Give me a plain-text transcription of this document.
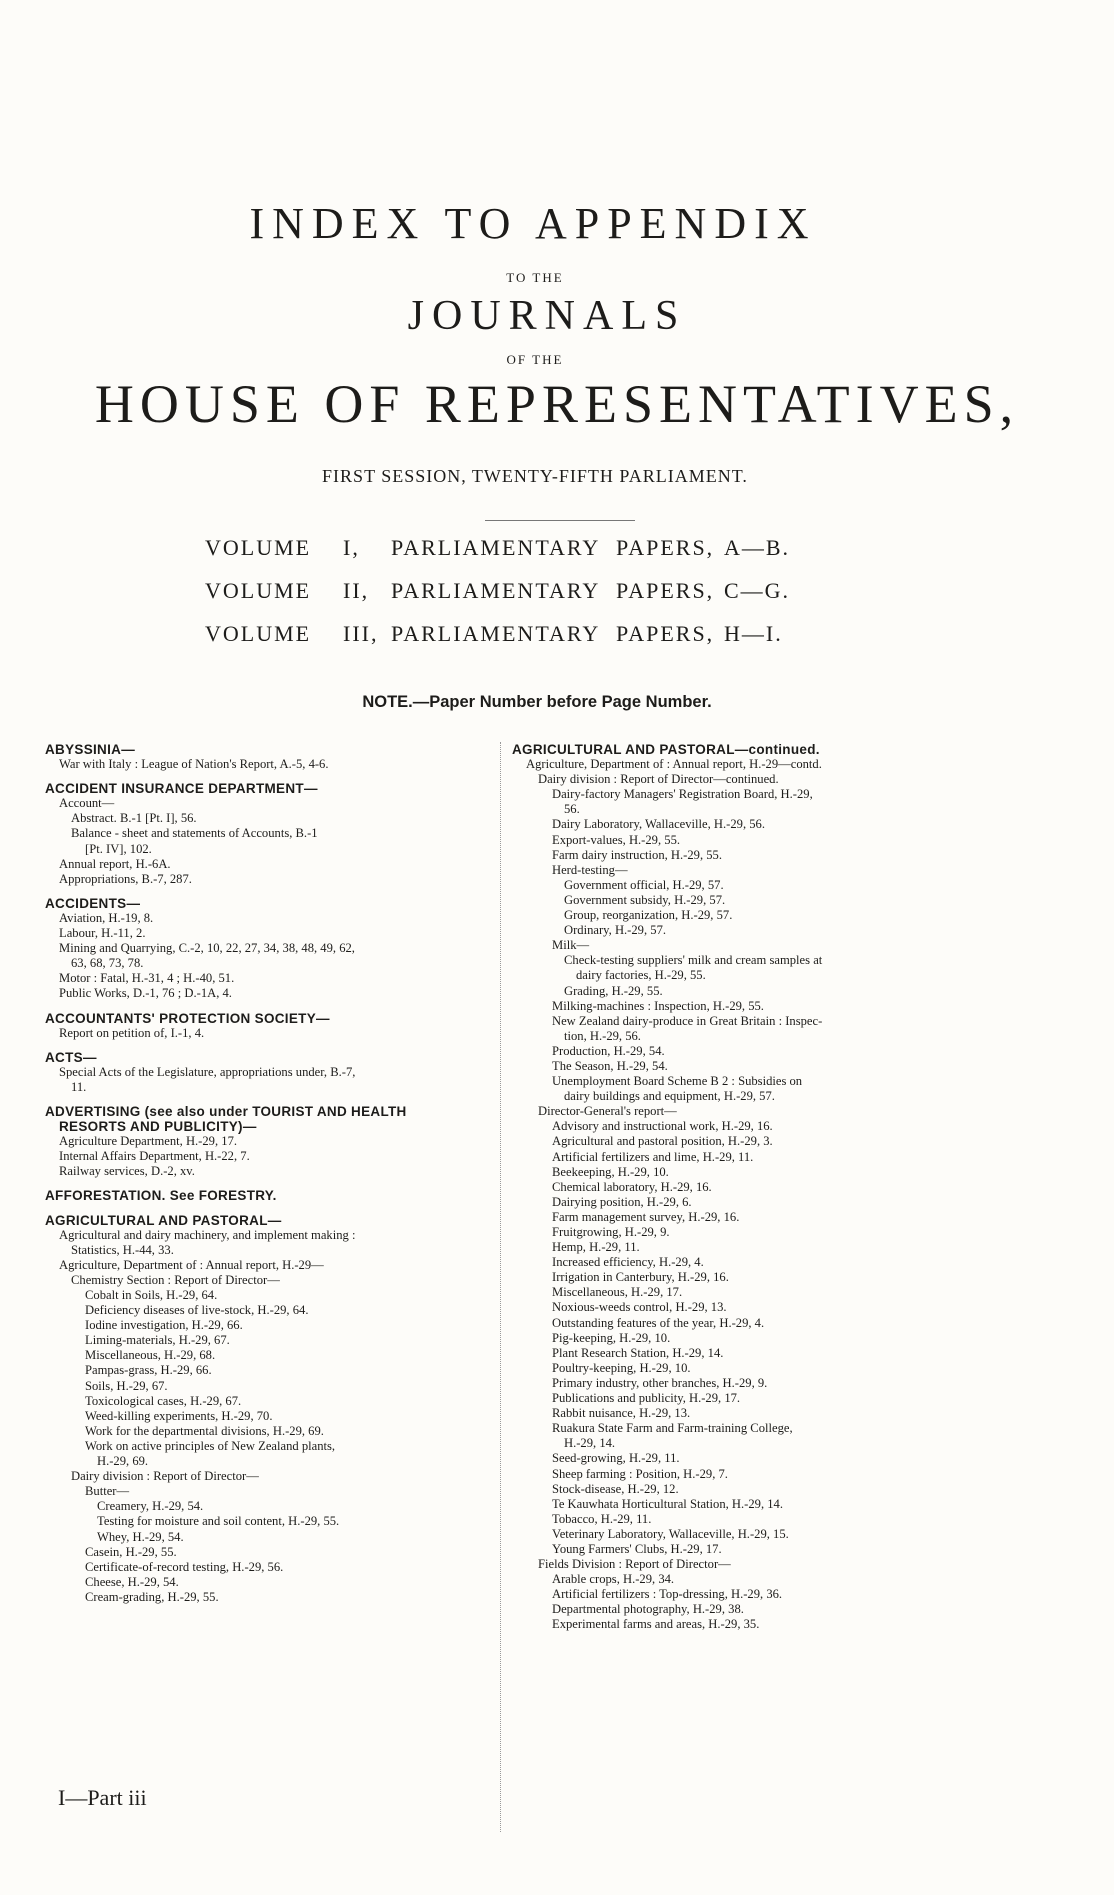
INDEX TO APPENDIX
TO THE
JOURNALS
OF THE
HOUSE OF REPRESENTATIVES,
FIRST SESSION, TWENTY-FIFTH PARLIAMENT.
VOLUME I, PARLIAMENTARY PAPERS, A—B.
VOLUME II, PARLIAMENTARY PAPERS, C—G.
VOLUME III, PARLIAMENTARY PAPERS, H—I.
NOTE.—Paper Number before Page Number.
ABYSSINIA—
War with Italy : League of Nation's Report, A.-5, 4-6.
ACCIDENT INSURANCE DEPARTMENT—
Account—
Abstract. B.-1 [Pt. I], 56.
Balance - sheet and statements of Accounts, B.-1
[Pt. IV], 102.
Annual report, H.-6A.
Appropriations, B.-7, 287.
ACCIDENTS—
Aviation, H.-19, 8.
Labour, H.-11, 2.
Mining and Quarrying, C.-2, 10, 22, 27, 34, 38, 48, 49, 62,
63, 68, 73, 78.
Motor : Fatal, H.-31, 4 ; H.-40, 51.
Public Works, D.-1, 76 ; D.-1A, 4.
ACCOUNTANTS' PROTECTION SOCIETY—
Report on petition of, I.-1, 4.
ACTS—
Special Acts of the Legislature, appropriations under, B.-7,
11.
ADVERTISING (see also under TOURIST AND HEALTH
RESORTS AND PUBLICITY)—
Agriculture Department, H.-29, 17.
Internal Affairs Department, H.-22, 7.
Railway services, D.-2, xv.
AFFORESTATION. See FORESTRY.
AGRICULTURAL AND PASTORAL—
Agricultural and dairy machinery, and implement making :
Statistics, H.-44, 33.
Agriculture, Department of : Annual report, H.-29—
Chemistry Section : Report of Director—
Cobalt in Soils, H.-29, 64.
Deficiency diseases of live-stock, H.-29, 64.
Iodine investigation, H.-29, 66.
Liming-materials, H.-29, 67.
Miscellaneous, H.-29, 68.
Pampas-grass, H.-29, 66.
Soils, H.-29, 67.
Toxicological cases, H.-29, 67.
Weed-killing experiments, H.-29, 70.
Work for the departmental divisions, H.-29, 69.
Work on active principles of New Zealand plants,
H.-29, 69.
Dairy division : Report of Director—
Butter—
Creamery, H.-29, 54.
Testing for moisture and soil content, H.-29, 55.
Whey, H.-29, 54.
Casein, H.-29, 55.
Certificate-of-record testing, H.-29, 56.
Cheese, H.-29, 54.
Cream-grading, H.-29, 55.
AGRICULTURAL AND PASTORAL—continued.
Agriculture, Department of : Annual report, H.-29—contd.
Dairy division : Report of Director—continued.
Dairy-factory Managers' Registration Board, H.-29,
56.
Dairy Laboratory, Wallaceville, H.-29, 56.
Export-values, H.-29, 55.
Farm dairy instruction, H.-29, 55.
Herd-testing—
Government official, H.-29, 57.
Government subsidy, H.-29, 57.
Group, reorganization, H.-29, 57.
Ordinary, H.-29, 57.
Milk—
Check-testing suppliers' milk and cream samples at
dairy factories, H.-29, 55.
Grading, H.-29, 55.
Milking-machines : Inspection, H.-29, 55.
New Zealand dairy-produce in Great Britain : Inspec-
tion, H.-29, 56.
Production, H.-29, 54.
The Season, H.-29, 54.
Unemployment Board Scheme B 2 : Subsidies on
dairy buildings and equipment, H.-29, 57.
Director-General's report—
Advisory and instructional work, H.-29, 16.
Agricultural and pastoral position, H.-29, 3.
Artificial fertilizers and lime, H.-29, 11.
Beekeeping, H.-29, 10.
Chemical laboratory, H.-29, 16.
Dairying position, H.-29, 6.
Farm management survey, H.-29, 16.
Fruitgrowing, H.-29, 9.
Hemp, H.-29, 11.
Increased efficiency, H.-29, 4.
Irrigation in Canterbury, H.-29, 16.
Miscellaneous, H.-29, 17.
Noxious-weeds control, H.-29, 13.
Outstanding features of the year, H.-29, 4.
Pig-keeping, H.-29, 10.
Plant Research Station, H.-29, 14.
Poultry-keeping, H.-29, 10.
Primary industry, other branches, H.-29, 9.
Publications and publicity, H.-29, 17.
Rabbit nuisance, H.-29, 13.
Ruakura State Farm and Farm-training College,
H.-29, 14.
Seed-growing, H.-29, 11.
Sheep farming : Position, H.-29, 7.
Stock-disease, H.-29, 12.
Te Kauwhata Horticultural Station, H.-29, 14.
Tobacco, H.-29, 11.
Veterinary Laboratory, Wallaceville, H.-29, 15.
Young Farmers' Clubs, H.-29, 17.
Fields Division : Report of Director—
Arable crops, H.-29, 34.
Artificial fertilizers : Top-dressing, H.-29, 36.
Departmental photography, H.-29, 38.
Experimental farms and areas, H.-29, 35.
I—Part iii
